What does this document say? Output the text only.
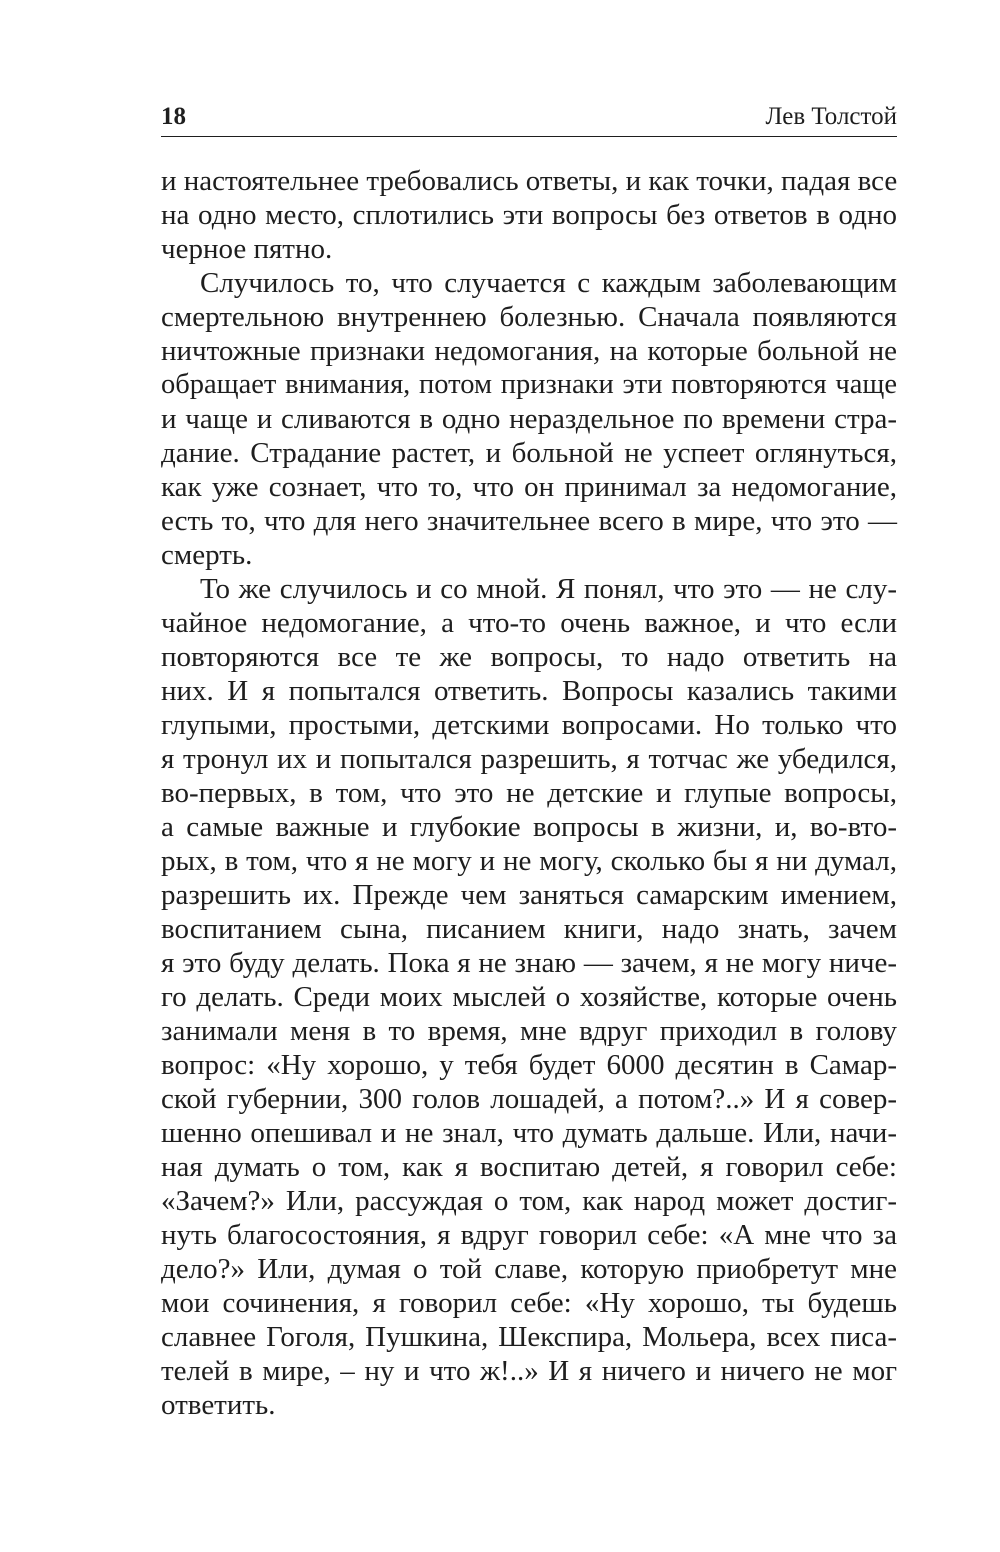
18	Лев Толстой
и настоятельнее требовались ответы, и как точки, падая все
на одно место, сплотились эти вопросы без ответов в одно
черное пятно.
Случилось то, что случается с каждым заболевающим
смертельною внутреннею болезнью. Сначала появляются
ничтожные признаки недомогания, на которые больной не
обращает внимания, потом признаки эти повторяются чаще
и чаще и сливаются в одно нераздельное по времени стра-
дание. Страдание растет, и больной не успеет оглянуться,
как уже сознает, что то, что он принимал за недомогание,
есть то, что для него значительнее всего в мире, что это —
смерть.
То же случилось и со мной. Я понял, что это — не слу-
чайное недомогание, а что-то очень важное, и что если
повторяются все те же вопросы, то надо ответить на
них. И я попытался ответить. Вопросы казались такими
глупыми, простыми, детскими вопросами. Но только что
я тронул их и попытался разрешить, я тотчас же убедился,
во-первых, в том, что это не детские и глупые вопросы,
а самые важные и глубокие вопросы в жизни, и, во-вто-
рых, в том, что я не могу и не могу, сколько бы я ни думал,
разрешить их. Прежде чем заняться самарским имением,
воспитанием сына, писанием книги, надо знать, зачем
я это буду делать. Пока я не знаю — зачем, я не могу ниче-
го делать. Среди моих мыслей о хозяйстве, которые очень
занимали меня в то время, мне вдруг приходил в голову
вопрос: «Ну хорошо, у тебя будет 6000 десятин в Самар-
ской губернии, 300 голов лошадей, а потом?..» И я совер-
шенно опешивал и не знал, что думать дальше. Или, начи-
ная думать о том, как я воспитаю детей, я говорил себе:
«Зачем?» Или, рассуждая о том, как народ может достиг-
нуть благосостояния, я вдруг говорил себе: «А мне что за
дело?» Или, думая о той славе, которую приобретут мне
мои сочинения, я говорил себе: «Ну хорошо, ты будешь
славнее Гоголя, Пушкина, Шекспира, Мольера, всех писа-
телей в мире, – ну и что ж!..» И я ничего и ничего не мог
ответить.
